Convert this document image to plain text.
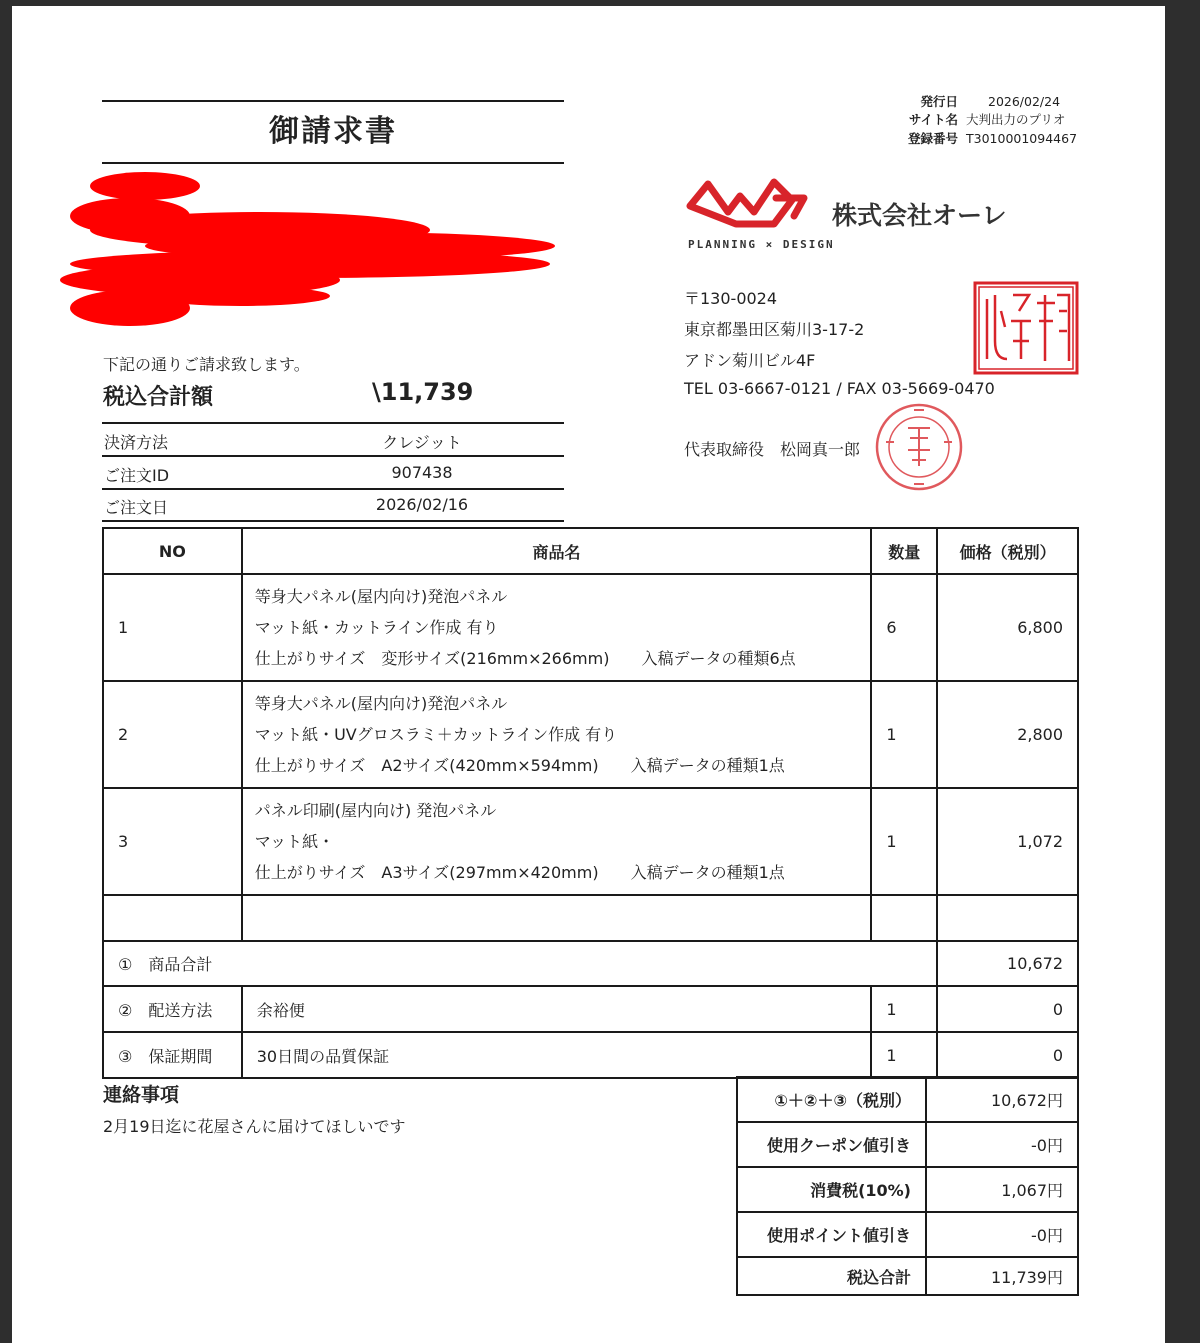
御請求書
下記の通りご請求致します。
税込合計額	\11,739
決済方法	クレジット
ご注文ID	907438
ご注文日	2026/02/16
発行日 2026/02/24
サイト名 大判出力のプリオ
登録番号 T3010001094467
PLANNING × DESIGN
株式会社オーレ
〒130-0024
東京都墨田区菊川3-17-2
アドン菊川ビル4F
TEL 03-6667-0121 / FAX 03-5669-0470
代表取締役　松岡真一郎
NO	商品名	数量	価格（税別）
1	等身大パネル(屋内向け)発泡パネル
マット紙・カットライン作成 有り
仕上がりサイズ　変形サイズ(216mm×266mm)　　入稿データの種類6点	6	6,800
2	等身大パネル(屋内向け)発泡パネル
マット紙・UVグロスラミ＋カットライン作成 有り
仕上がりサイズ　A2サイズ(420mm×594mm)　　入稿データの種類1点	1	2,800
3	パネル印刷(屋内向け) 発泡パネル
マット紙・
仕上がりサイズ　A3サイズ(297mm×420mm)　　入稿データの種類1点	1	1,072

①　商品合計			10,672
②　配送方法	余裕便	1	0
③　保証期間	30日間の品質保証	1	0
連絡事項
2月19日迄に花屋さんに届けてほしいです
①＋②＋③（税別）	10,672円
使用クーポン値引き	-0円
消費税(10%)	1,067円
使用ポイント値引き	-0円
税込合計	11,739円
